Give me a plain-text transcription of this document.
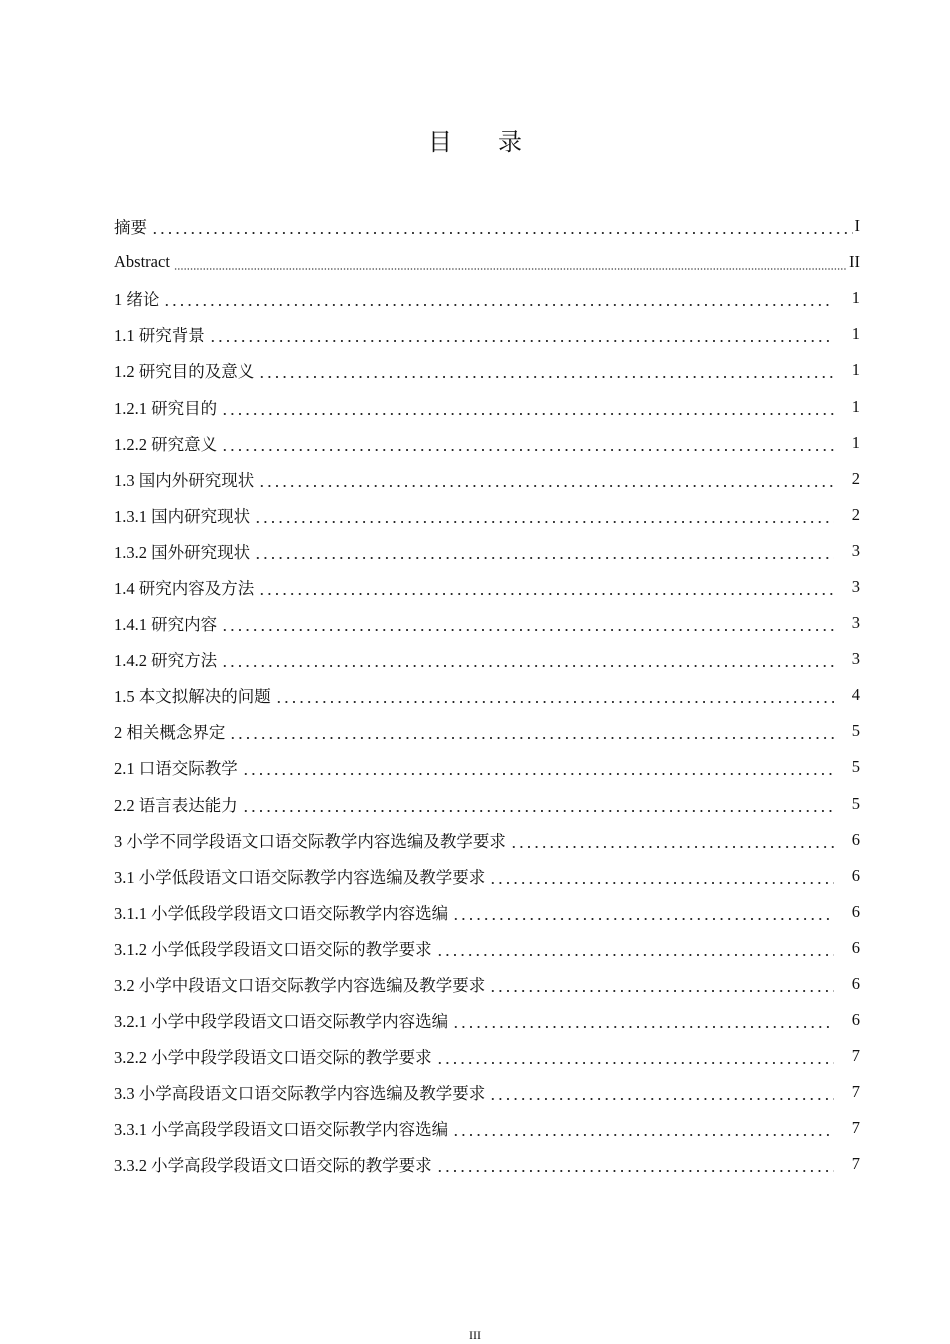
目 录
摘要	I
Abstract	II
1 绪论	1
1.1 研究背景	1
1.2 研究目的及意义	1
1.2.1 研究目的	1
1.2.2 研究意义	1
1.3 国内外研究现状	2
1.3.1 国内研究现状	2
1.3.2 国外研究现状	3
1.4 研究内容及方法	3
1.4.1 研究内容	3
1.4.2 研究方法	3
1.5 本文拟解决的问题	4
2 相关概念界定	5
2.1 口语交际教学	5
2.2 语言表达能力	5
3 小学不同学段语文口语交际教学内容选编及教学要求	6
3.1 小学低段语文口语交际教学内容选编及教学要求	6
3.1.1 小学低段学段语文口语交际教学内容选编	6
3.1.2 小学低段学段语文口语交际的教学要求	6
3.2 小学中段语文口语交际教学内容选编及教学要求	6
3.2.1 小学中段学段语文口语交际教学内容选编	6
3.2.2 小学中段学段语文口语交际的教学要求	7
3.3 小学高段语文口语交际教学内容选编及教学要求	7
3.3.1 小学高段学段语文口语交际教学内容选编	7
3.3.2 小学高段学段语文口语交际的教学要求	7
III
